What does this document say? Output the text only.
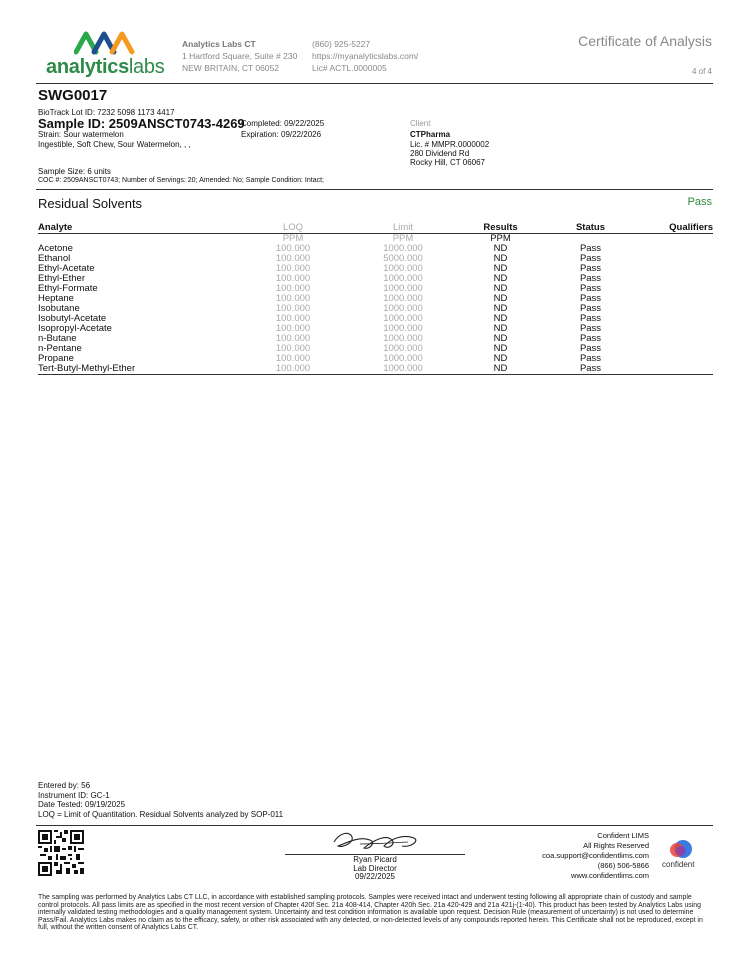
analyticslabs
Analytics Labs CT
1 Hartford Square, Suite # 230
NEW BRITAIN, CT 06052
(860) 925-5227
https://myanalyticslabs.com/
Lic# ACTL.0000005
Certificate of Analysis
4 of 4
SWG0017
BioTrack Lot ID: 7232 5098 1173 4417
Sample ID: 2509ANSCT0743-4269
Strain: Sour watermelon
Ingestible, Soft Chew, Sour Watermelon, , ,
Completed: 09/22/2025
Expiration: 09/22/2026
Client
CTPharma
Lic. # MMPR.0000002
280 Dividend Rd
Rocky Hill, CT 06067
Sample Size: 6 units
COC #: 2509ANSCT0743; Number of Servings: 20; Amended: No; Sample Condition: Intact;
Residual Solvents	Pass
Analyte	LOQ	Limit	Results	Status	Qualifiers
	PPM	PPM	PPM		
Acetone	100.000	1000.000	ND	Pass	
Ethanol	100.000	5000.000	ND	Pass	
Ethyl-Acetate	100.000	1000.000	ND	Pass	
Ethyl-Ether	100.000	1000.000	ND	Pass	
Ethyl-Formate	100.000	1000.000	ND	Pass	
Heptane	100.000	1000.000	ND	Pass	
Isobutane	100.000	1000.000	ND	Pass	
Isobutyl-Acetate	100.000	1000.000	ND	Pass	
Isopropyl-Acetate	100.000	1000.000	ND	Pass	
n-Butane	100.000	1000.000	ND	Pass	
n-Pentane	100.000	1000.000	ND	Pass	
Propane	100.000	1000.000	ND	Pass	
Tert-Butyl-Methyl-Ether	100.000	1000.000	ND	Pass	
Entered by: 56
Instrument ID: GC-1
Date Tested: 09/19/2025
LOQ = Limit of Quantitation. Residual Solvents analyzed by SOP-011
Ryan Picard
Lab Director
09/22/2025
Confident LIMS
All Rights Reserved
coa.support@confidentlims.com
(866) 506-5866
www.confidentlims.com
confident
The sampling was performed by Analytics Labs CT LLC, in accordance with established sampling protocols. Samples were received intact and underwent testing following all appropriate chain of custody and sample control protocols. All pass limits are as specified in the most recent version of Chapter 420f Sec. 21a 408-414, Chapter 420h Sec. 21a 420-429 and 21a 421j-(1-40). This product has been tested by Analytics Labs using internally validated testing methodologies and a quality management system. Uncertainty and test condition information is available upon request. Decision Rule (measurement of uncertainty) is not used to determine Pass/Fail. Analytics Labs makes no claim as to the efficacy, safety, or other risk associated with any detected, or non-detected levels of any compounds reported herein. This Certificate shall not be reproduced, except in full, without the written consent of Analytics Labs CT.
